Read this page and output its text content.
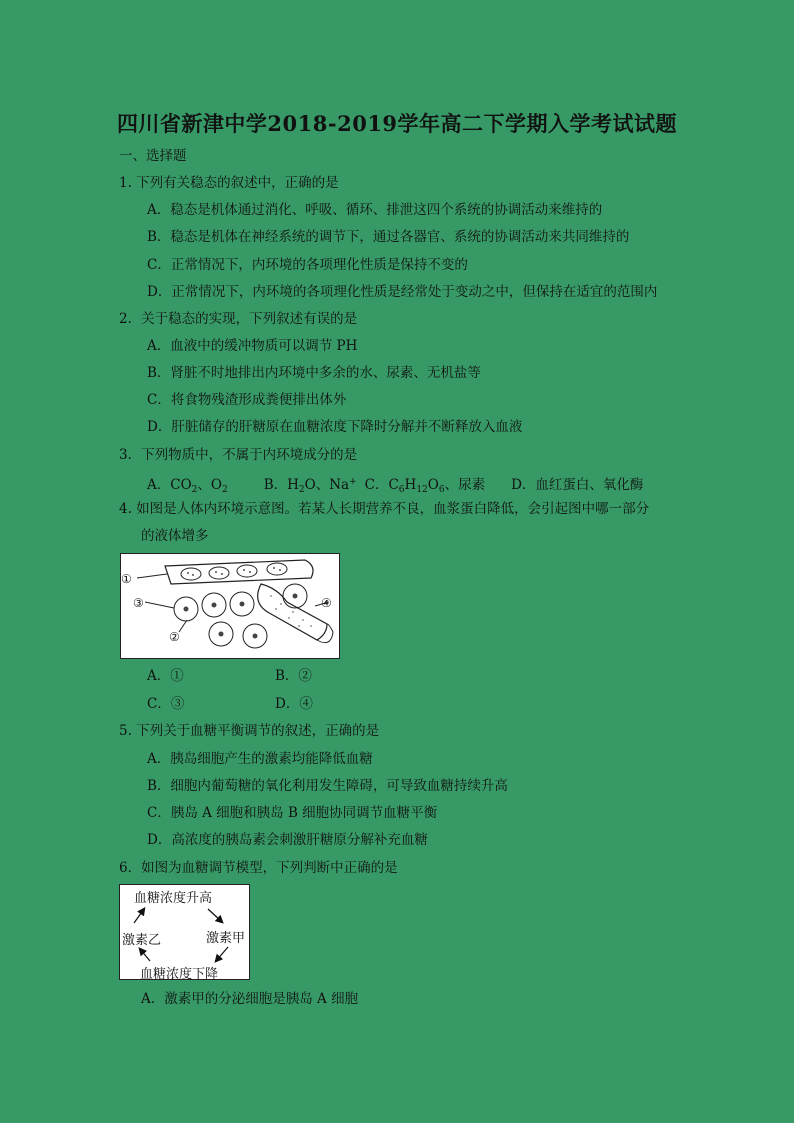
四川省新津中学2018-2019学年高二下学期入学考试试题
一、选择题
1. 下列有关稳态的叙述中，正确的是
A．稳态是机体通过消化、呼吸、循环、排泄这四个系统的协调活动来维持的
B．稳态是机体在神经系统的调节下，通过各器官、系统的协调活动来共同维持的
C．正常情况下，内环境的各项理化性质是保持不变的
D．正常情况下，内环境的各项理化性质是经常处于变动之中，但保持在适宜的范围内
2．关于稳态的实现，下列叙述有误的是
A．血液中的缓冲物质可以调节 PH
B．肾脏不时地排出内环境中多余的水、尿素、无机盐等
C．将食物残渣形成粪便排出体外
D．肝脏储存的肝糖原在血糖浓度下降时分解并不断释放入血液
3．下列物质中，不属于内环境成分的是
A．$CO_2$、$O_2$	B．$H_2O$、Na+ C．$C_6H_{12}O_6$、尿素 D．血红蛋白、氧化酶
4. 如图是人体内环境示意图。若某人长期营养不良，血浆蛋白降低，会引起图中哪一部分
的液体增多
①
②
③	④
A．①	B．②
C．③	D．④
5. 下列关于血糖平衡调节的叙述，正确的是
A．胰岛细胞产生的激素均能降低血糖
B．细胞内葡萄糖的氧化利用发生障碍，可导致血糖持续升高
C．胰岛 A 细胞和胰岛 B 细胞协同调节血糖平衡
D．高浓度的胰岛素会刺激肝糖原分解补充血糖
6．如图为血糖调节模型，下列判断中正确的是
血糖浓度升高
激素甲
激素乙
血糖浓度下降
A．激素甲的分泌细胞是胰岛 A 细胞
